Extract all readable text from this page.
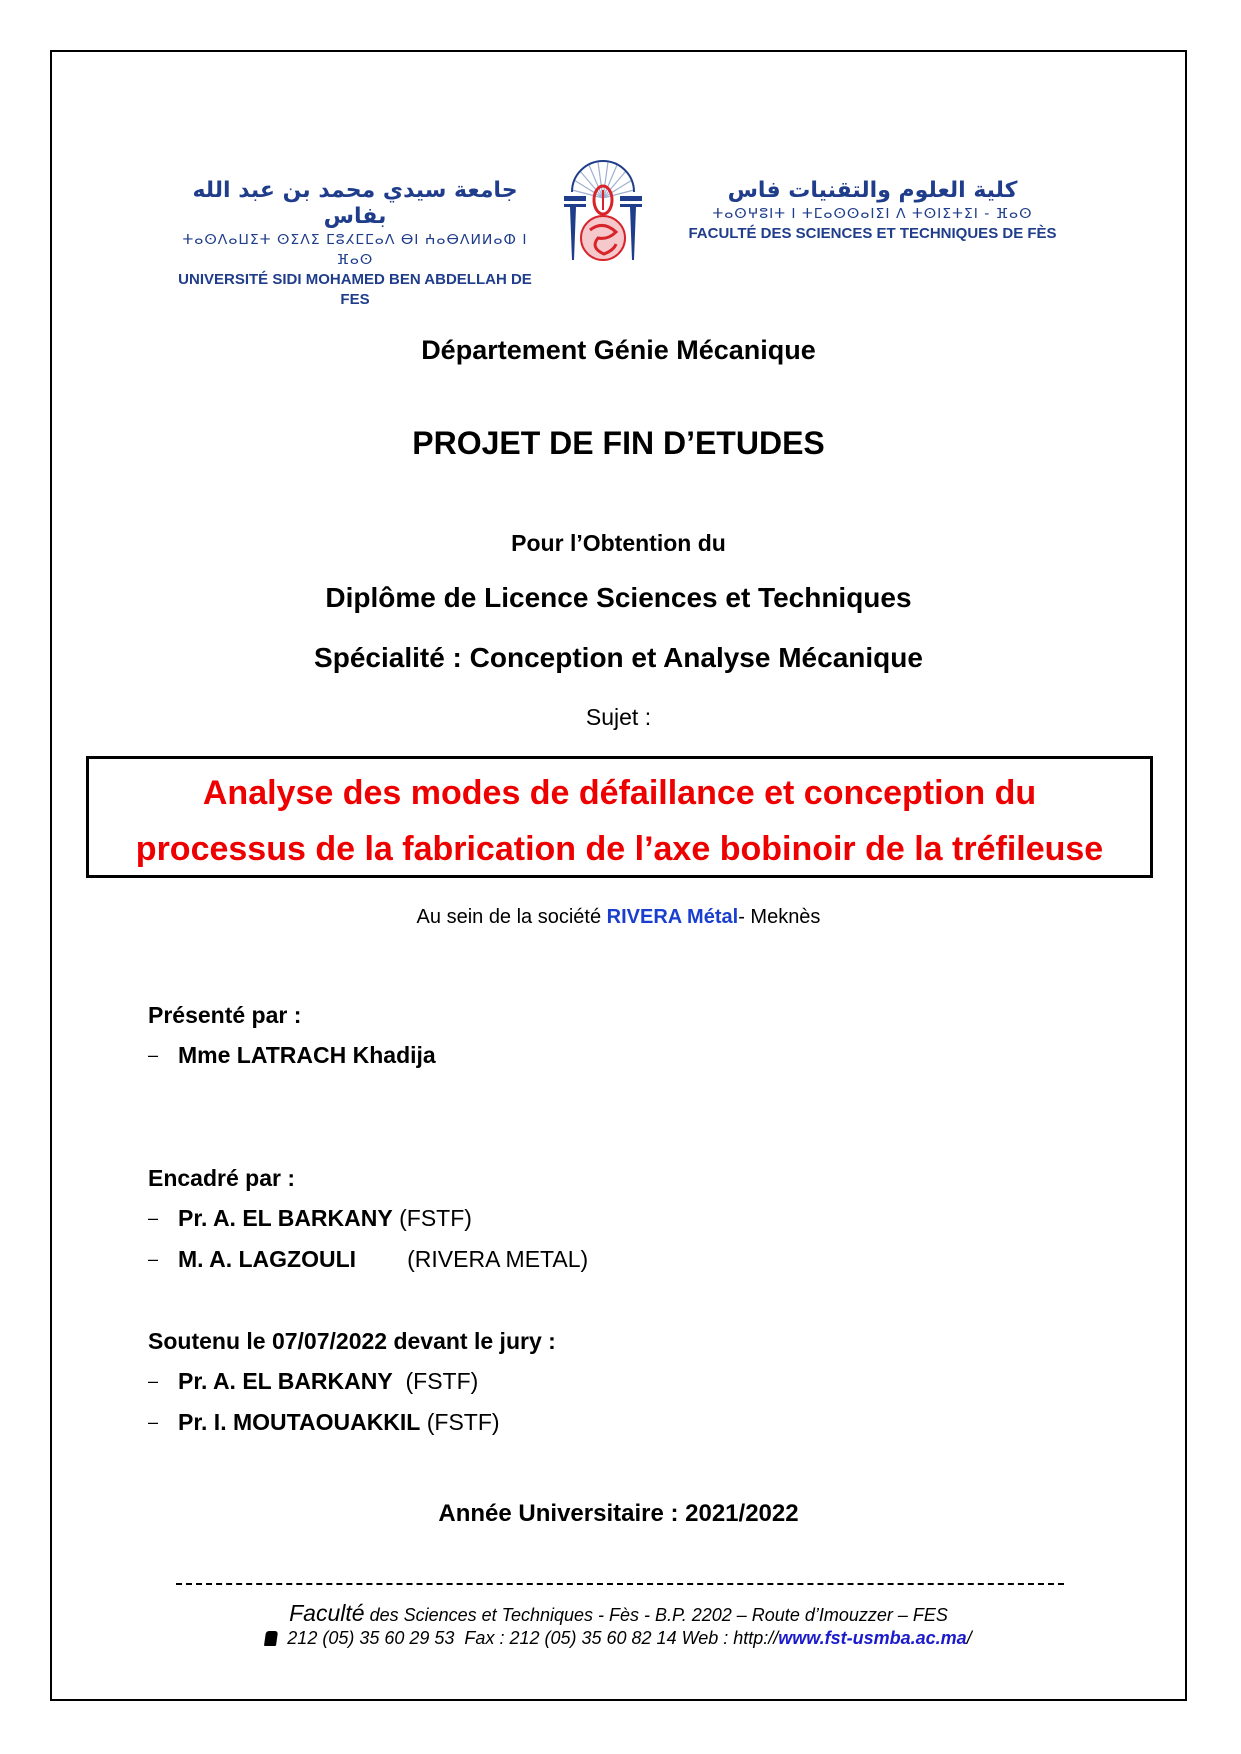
جامعة سيدي محمد بن عبد الله بفاس
ⵜⴰⵙⴷⴰⵡⵉⵜ ⵙⵉⴷⵉ ⵎⵓⵃⵎⵎⴰⴷ ⴱⵏ ⵄⴰⴱⴷⵍⵍⴰⵀ ⵏ ⴼⴰⵙ
UNIVERSITÉ SIDI MOHAMED BEN ABDELLAH DE FES
كلية العلوم والتقنيات فاس
ⵜⴰⵙⵖⵓⵏⵜ ⵏ ⵜⵎⴰⵙⵙⴰⵏⵉⵏ ⴷ ⵜⵙⵏⵉⵜⵉⵏ - ⴼⴰⵙ
FACULTÉ DES SCIENCES ET TECHNIQUES DE FÈS
Département Génie Mécanique
PROJET DE FIN D’ETUDES
Pour l’Obtention du
Diplôme de Licence Sciences et Techniques
Spécialité : Conception et Analyse Mécanique
Sujet :
Analyse des modes de défaillance et conception du
processus de la fabrication de l’axe bobinoir de la tréfileuse
Au sein de la société RIVERA Métal- Meknès
Présenté par :
– Mme LATRACH Khadija
Encadré par :
– Pr. A. EL BARKANY (FSTF)
– M. A. LAGZOULI (RIVERA METAL)
Soutenu le 07/07/2022 devant le jury :
– Pr. A. EL BARKANY (FSTF)
– Pr. I. MOUTAOUAKKIL (FSTF)
Année Universitaire : 2021/2022
Faculté des Sciences et Techniques - Fès - B.P. 2202 – Route d’Imouzzer – FES
212 (05) 35 60 29 53  Fax : 212 (05) 35 60 82 14 Web : http://www.fst-usmba.ac.ma/
